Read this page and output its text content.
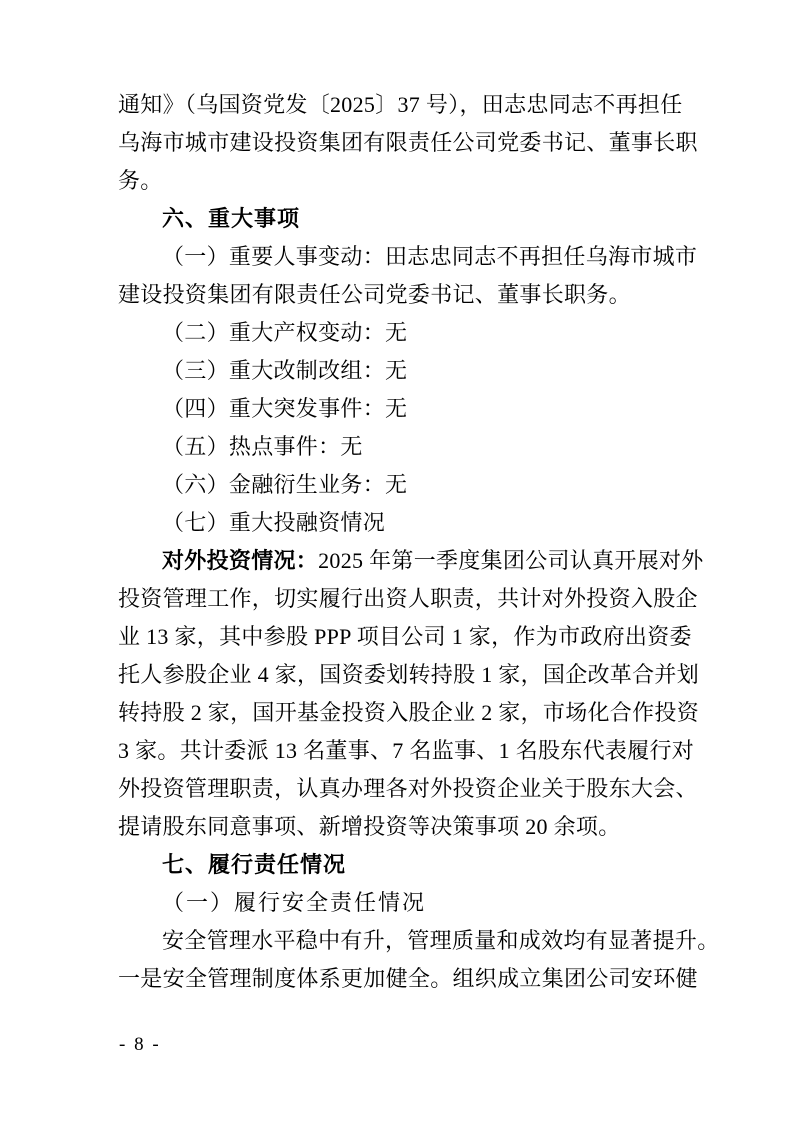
通知》（乌国资党发〔2025〕37 号），田志忠同志不再担任
乌海市城市建设投资集团有限责任公司党委书记、董事长职
务。
六、重大事项
（一）重要人事变动：田志忠同志不再担任乌海市城市
建设投资集团有限责任公司党委书记、董事长职务。
（二）重大产权变动：无
（三）重大改制改组：无
（四）重大突发事件：无
（五）热点事件：无
（六）金融衍生业务：无
（七）重大投融资情况
对外投资情况：2025 年第一季度集团公司认真开展对外
投资管理工作，切实履行出资人职责，共计对外投资入股企
业 13 家，其中参股 PPP 项目公司 1 家，作为市政府出资委
托人参股企业 4 家，国资委划转持股 1 家，国企改革合并划
转持股 2 家，国开基金投资入股企业 2 家，市场化合作投资
3 家。共计委派 13 名董事、7 名监事、1 名股东代表履行对
外投资管理职责，认真办理各对外投资企业关于股东大会、
提请股东同意事项、新增投资等决策事项 20 余项。
七、履行责任情况
（一）履行安全责任情况
安全管理水平稳中有升，管理质量和成效均有显著提升。
一是安全管理制度体系更加健全。组织成立集团公司安环健
- 8 -
